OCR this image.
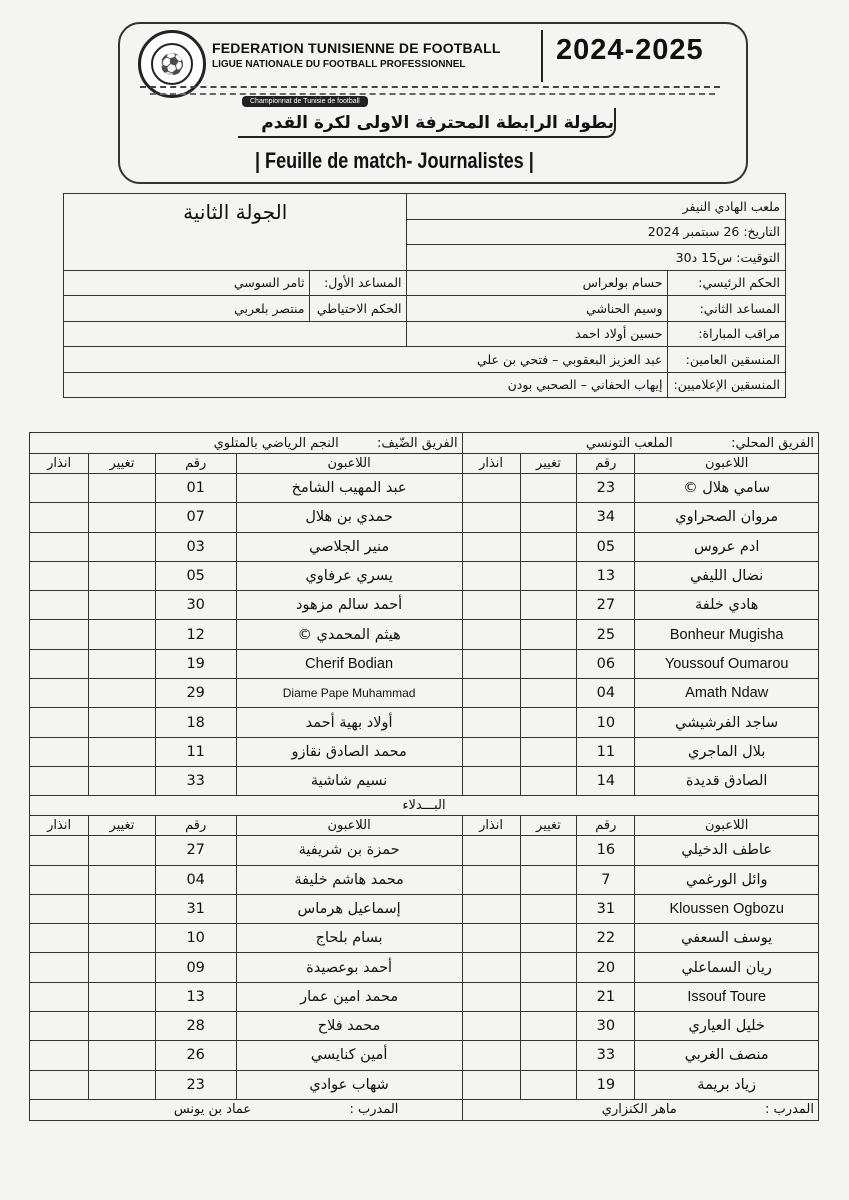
⚽
FEDERATION TUNISIENNE DE FOOTBALL
LIGUE NATIONALE DU FOOTBALL PROFESSIONNEL	2024-2025
Championnat de Tunisie de football
بطولة الرابطة المحترفة الاولى لكرة القدم
| Feuille de match- Journalistes |
ملعب الهادي النيفر		الجولة الثانية	
التاريخ: 26 سبتمبر 2024			
التوقيت: س15 د30			
الحكم الرئيسي:	حسام بولعراس	المساعد الأول:	ثامر السوسي
المساعد الثاني:	وسيم الحناشي	الحكم الاحتياطي	منتصر بلعربي
مراقب المباراة:	حسين أولاد احمد		
المنسقين العامين:	عبد العزيز البعقوبي – فتحي بن علي		
المنسقين الإعلاميين:	إيهاب الحفاني – الصحبي بودن		
الفريق المحلي:  الملعب التونسي				الفريق الضّيف:  النجم الرياضي بالمتلوي			
اللاعبون	رقم	تغيير	انذار	اللاعبون	رقم	تغيير	انذار
سامي هلال ©	23			عبد المهيب الشامخ	01		
مروان الصحراوي	34			حمدي بن هلال	07		
ادم عروس	05			منير الجلاصي	03		
نضال الليفي	13			يسري عرفاوي	05		
هادي خلفة	27			أحمد سالم مزهود	30		
Bonheur Mugisha	25			هيثم المحمدي ©	12		
Youssouf Oumarou	06			Cherif Bodian	19		
Amath Ndaw	04			Diame Pape Muhammad	29		
ساجد الفرشيشي	10			أولاد بهية أحمد	18		
بلال الماجري	11			محمد الصادق نقازو	11		
الصادق قديدة	14			نسيم شاشية	33		
البـــدلاء							
اللاعبون	رقم	تغيير	انذار	اللاعبون	رقم	تغيير	انذار
عاطف الدخيلي	16			حمزة بن شريفية	27		
وائل الورغمي	7			محمد هاشم خليفة	04		
Kloussen Ogbozu	31			إسماعيل هرماس	31		
يوسف السعفي	22			بسام بلحاج	10		
ريان السماعلي	20			أحمد بوعصيدة	09		
Issouf Toure	21			محمد امين عمار	13		
خليل العياري	30			محمد فلاح	28		
منصف الغربي	33			أمين كنايسي	26		
زياد بريمة	19			شهاب عوادي	23		
المدرب :  ماهر الكنزاري				المدرب :  عماد بن يونس			
